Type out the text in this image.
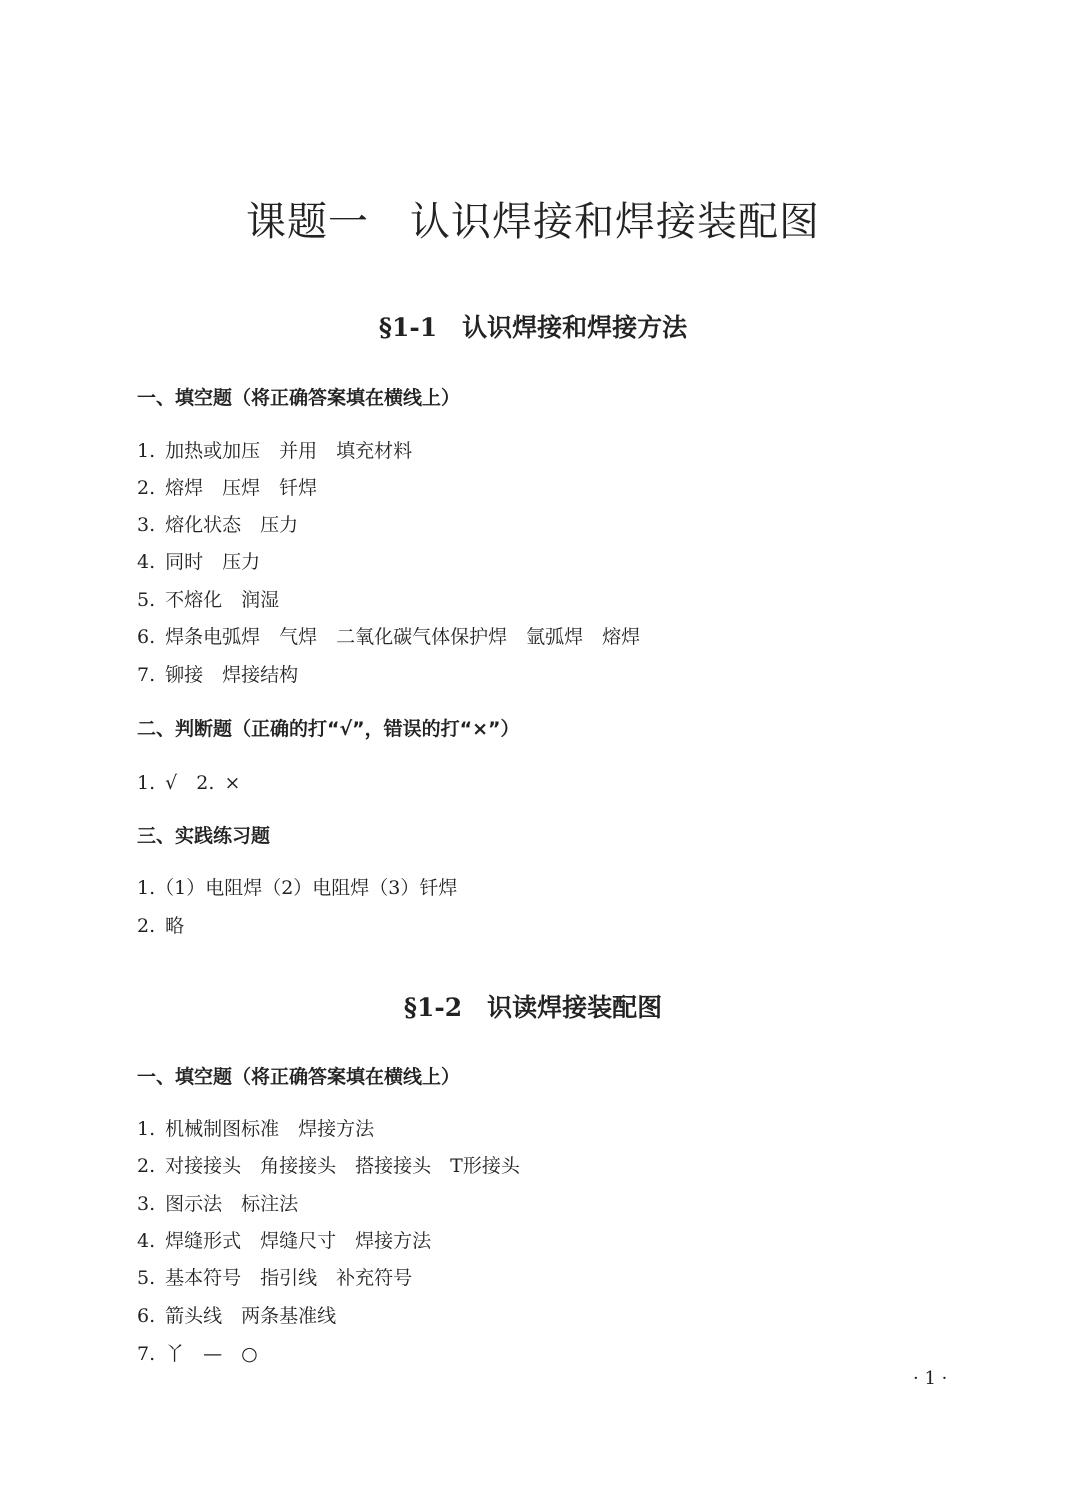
课题一　认识焊接和焊接装配图
§1-1　认识焊接和焊接方法
一、填空题（将正确答案填在横线上）
1. 加热或加压　并用　填充材料
2. 熔焊　压焊　钎焊
3. 熔化状态　压力
4. 同时　压力
5. 不熔化　润湿
6. 焊条电弧焊　气焊　二氧化碳气体保护焊　氩弧焊　熔焊
7. 铆接　焊接结构
二、判断题（正确的打“√”，错误的打“×”）
1. √　2. ×
三、实践练习题
1.（1）电阻焊（2）电阻焊（3）钎焊
2. 略
§1-2　识读焊接装配图
一、填空题（将正确答案填在横线上）
1. 机械制图标准　焊接方法
2. 对接接头　角接接头　搭接接头　T形接头
3. 图示法　标注法
4. 焊缝形式　焊缝尺寸　焊接方法
5. 基本符号　指引线　补充符号
6. 箭头线　两条基准线
7. 丫　—　○
· 1 ·
